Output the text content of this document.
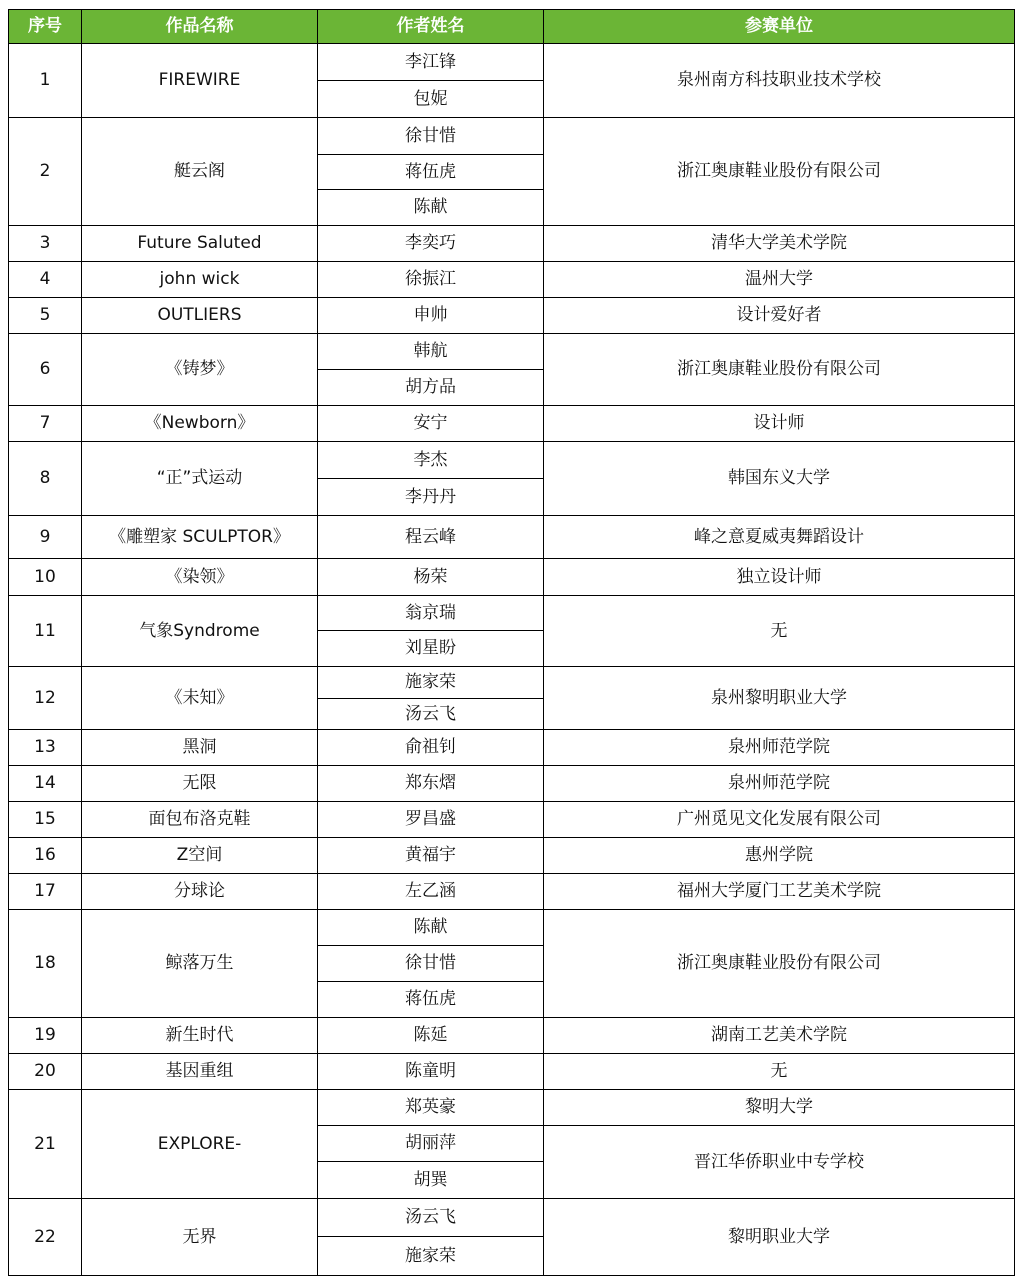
序号	作品名称	作者姓名	参赛单位
1	FIREWIRE	李江锋	泉州南方科技职业技术学校
		包妮	
2	艇云阁	徐甘惜	浙江奥康鞋业股份有限公司
		蒋伍虎	
		陈献	
3	Future Saluted	李奕巧	清华大学美术学院
4	john wick	徐振江	温州大学
5	OUTLIERS	申帅	设计爱好者
6	《铸梦》	韩航	浙江奥康鞋业股份有限公司
		胡方品	
7	《Newborn》	安宁	设计师
8	“正”式运动	李杰	韩国东义大学
		李丹丹	
9	《雕塑家 SCULPTOR》	程云峰	峰之意夏威夷舞蹈设计
10	《染领》	杨荣	独立设计师
11	气象Syndrome	翁京瑞	无
		刘星盼	
12	《未知》	施家荣	泉州黎明职业大学
		汤云飞	
13	黑洞	俞祖钊	泉州师范学院
14	无限	郑东熠	泉州师范学院
15	面包布洛克鞋	罗昌盛	广州觅见文化发展有限公司
16	Z空间	黄福宇	惠州学院
17	分球论	左乙涵	福州大学厦门工艺美术学院
18	鲸落万生	陈献	浙江奥康鞋业股份有限公司
		徐甘惜	
		蒋伍虎	
19	新生时代	陈延	湖南工艺美术学院
20	基因重组	陈童明	无
21	EXPLORE-	郑英豪	黎明大学
		胡丽萍	晋江华侨职业中专学校
		胡巽	
22	无界	汤云飞	黎明职业大学
		施家荣	
